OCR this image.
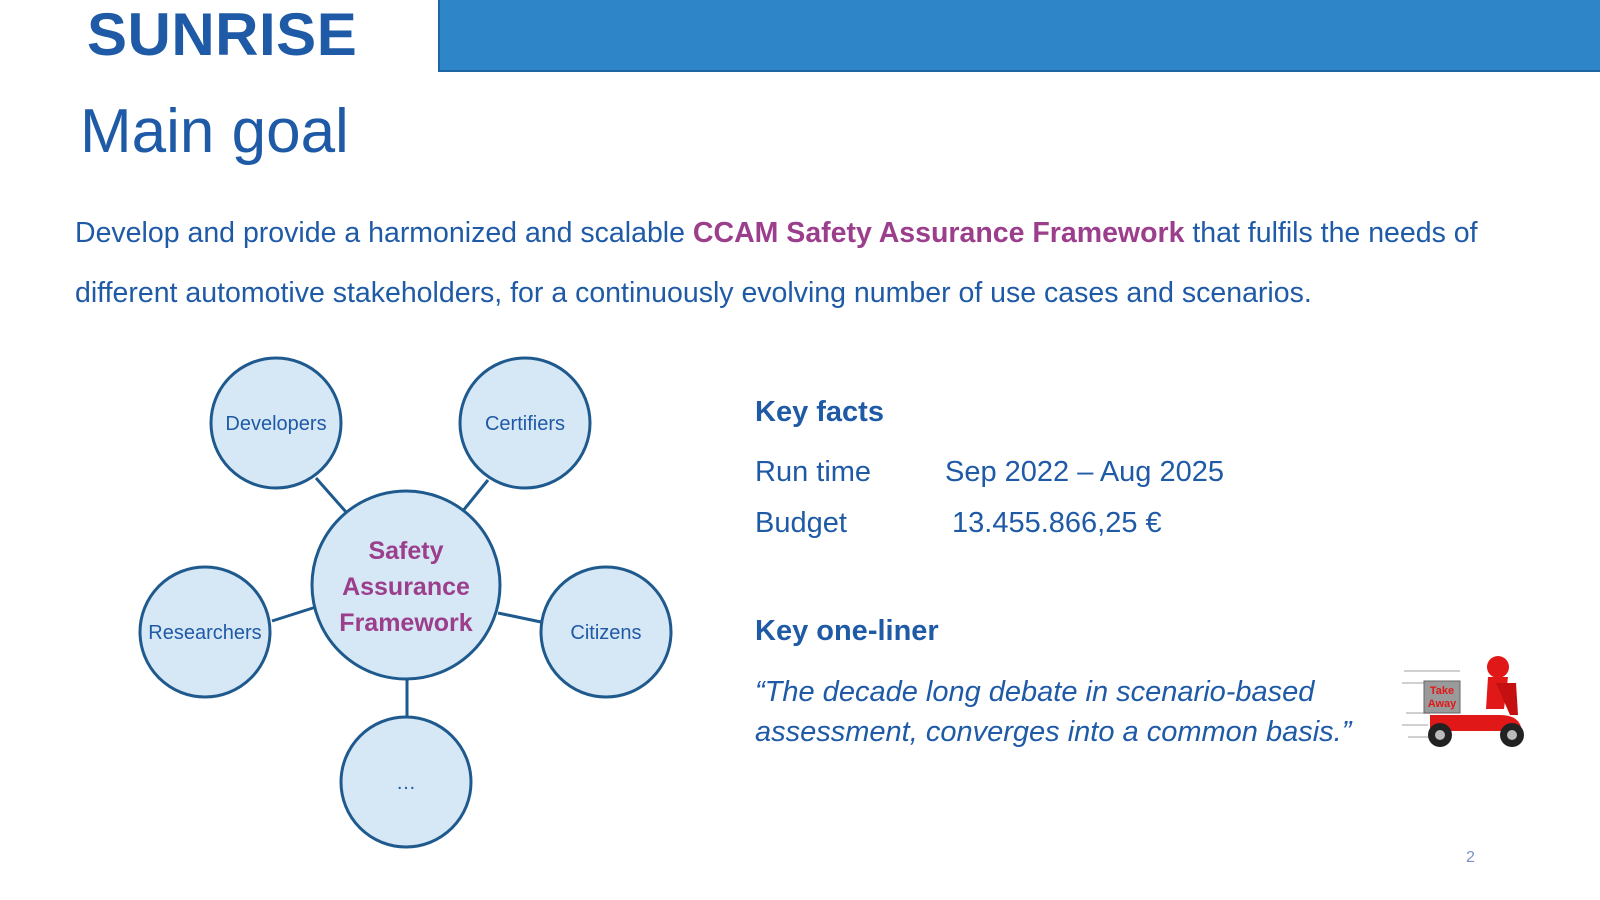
SUNRISE
Main goal
Develop and provide a harmonized and scalable CCAM Safety Assurance Framework that fulfils the needs of different automotive stakeholders, for a continuously evolving number of use cases and scenarios.
Developers	Certifiers
Safety
Assurance
Framework
Researchers	Citizens
…
Key facts
Run time	Sep 2022 – Aug 2025
Budget	13.455.866,25 €
Key one-liner
“The decade long debate in scenario-based assessment, converges into a common basis.”
Take
Away
2
